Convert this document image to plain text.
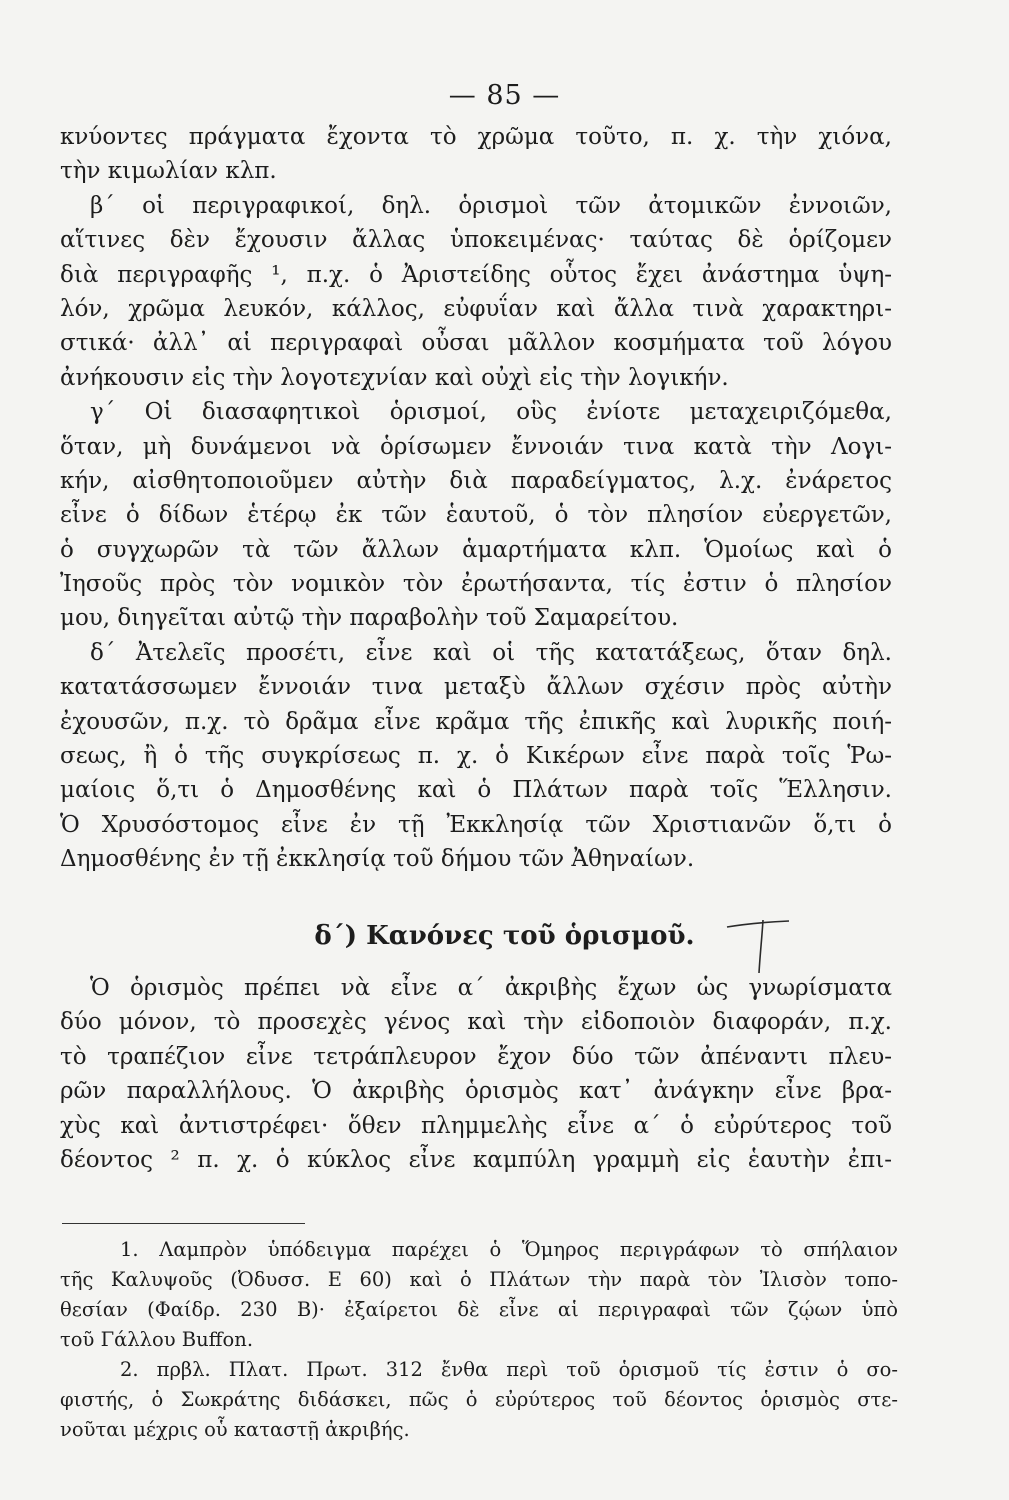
— 85 —
κνύοντες πράγματα ἔχοντα τὸ χρῶμα τοῦτο, π. χ. τὴν χιόνα,
τὴν κιμωλίαν κλπ.
β΄ οἱ περιγραφικοί, δηλ. ὁρισμοὶ τῶν ἀτομικῶν ἐννοιῶν,
αἵτινες δὲν ἔχουσιν ἄλλας ὑποκειμένας· ταύτας δὲ ὁρίζομεν
διὰ περιγραφῆς ¹, π.χ. ὁ Ἀριστείδης οὗτος ἔχει ἀνάστημα ὑψη-
λόν, χρῶμα λευκόν, κάλλος, εὐφυΐαν καὶ ἄλλα τινὰ χαρακτηρι-
στικά· ἀλλ᾽ αἱ περιγραφαὶ οὖσαι μᾶλλον κοσμήματα τοῦ λόγου
ἀνήκουσιν εἰς τὴν λογοτεχνίαν καὶ οὐχὶ εἰς τὴν λογικήν.
γ΄ Οἱ διασαφητικοὶ ὁρισμοί, οὓς ἐνίοτε μεταχειριζόμεθα,
ὅταν, μὴ δυνάμενοι νὰ ὁρίσωμεν ἔννοιάν τινα κατὰ τὴν Λογι-
κήν, αἰσθητοποιοῦμεν αὐτὴν διὰ παραδείγματος, λ.χ. ἐνάρετος
εἶνε ὁ δίδων ἑτέρῳ ἐκ τῶν ἑαυτοῦ, ὁ τὸν πλησίον εὐεργετῶν,
ὁ συγχωρῶν τὰ τῶν ἄλλων ἁμαρτήματα κλπ. Ὁμοίως καὶ ὁ
Ἰησοῦς πρὸς τὸν νομικὸν τὸν ἐρωτήσαντα, τίς ἐστιν ὁ πλησίον
μου, διηγεῖται αὐτῷ τὴν παραβολὴν τοῦ Σαμαρείτου.
δ΄ Ἀτελεῖς προσέτι, εἶνε καὶ οἱ τῆς κατατάξεως, ὅταν δηλ.
κατατάσσωμεν ἔννοιάν τινα μεταξὺ ἄλλων σχέσιν πρὸς αὐτὴν
ἐχουσῶν, π.χ. τὸ δρᾶμα εἶνε κρᾶμα τῆς ἐπικῆς καὶ λυρικῆς ποιή-
σεως, ἢ ὁ τῆς συγκρίσεως π. χ. ὁ Κικέρων εἶνε παρὰ τοῖς Ῥω-
μαίοις ὅ,τι ὁ Δημοσθένης καὶ ὁ Πλάτων παρὰ τοῖς Ἕλλησιν.
Ὁ Χρυσόστομος εἶνε ἐν τῇ Ἐκκλησίᾳ τῶν Χριστιανῶν ὅ,τι ὁ
Δημοσθένης ἐν τῇ ἐκκλησίᾳ τοῦ δήμου τῶν Ἀθηναίων.
δ΄) Κανόνες τοῦ ὁρισμοῦ.
Ὁ ὁρισμὸς πρέπει νὰ εἶνε α΄ ἀκριβὴς ἔχων ὡς γνωρίσματα
δύο μόνον, τὸ προσεχὲς γένος καὶ τὴν εἰδοποιὸν διαφοράν, π.χ.
τὸ τραπέζιον εἶνε τετράπλευρον ἔχον δύο τῶν ἀπέναντι πλευ-
ρῶν παραλλήλους. Ὁ ἀκριβὴς ὁρισμὸς κατ᾽ ἀνάγκην εἶνε βρα-
χὺς καὶ ἀντιστρέφει· ὅθεν πλημμελὴς εἶνε α΄ ὁ εὐρύτερος τοῦ
δέοντος ² π. χ. ὁ κύκλος εἶνε καμπύλη γραμμὴ εἰς ἑαυτὴν ἐπι-
1. Λαμπρὸν ὑπόδειγμα παρέχει ὁ Ὅμηρος περιγράφων τὸ σπήλαιον
τῆς Καλυψοῦς (Ὀδυσσ. Ε 60) καὶ ὁ Πλάτων τὴν παρὰ τὸν Ἰλισὸν τοπο-
θεσίαν (Φαίδρ. 230 Β)· ἐξαίρετοι δὲ εἶνε αἱ περιγραφαὶ τῶν ζῴων ὑπὸ
τοῦ Γάλλου Buffon.
2. πρβλ. Πλατ. Πρωτ. 312 ἔνθα περὶ τοῦ ὁρισμοῦ τίς ἐστιν ὁ σο-
φιστής, ὁ Σωκράτης διδάσκει, πῶς ὁ εὐρύτερος τοῦ δέοντος ὁρισμὸς στε-
νοῦται μέχρις οὗ καταστῇ ἀκριβής.
